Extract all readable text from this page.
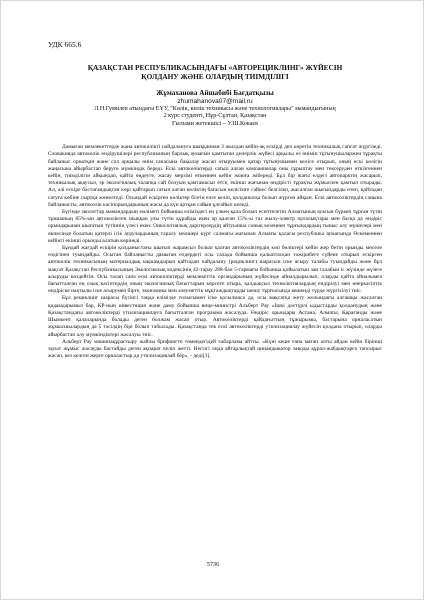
УДК 665.6
ҚАЗАҚСТАН РЕСПУБЛИКАСЫНДАҒЫ «АВТОРЕЦИКЛИНГ» ЖҮЙЕСІН
ҚОЛДАНУ ЖӘНЕ ОЛАРДЫҢ ТИІМДІЛІГІ
Жұмаханова Айшабибі Бағдатқызы
zhumahanova07@mail.ru
Л.Н.Гумилев атындағы ЕҰУ, "Көлік, көлік техникасы және технологиялары" мамандығының
2 курс студенті, Нұр-Сұлтан, Қазақстан
Ғылыми жетекшісі – У.Ш.Кокаев

Дамыған мемлекеттерде жана автокөлікті пайдалануға шыққаннан 3 жылдан кейін-ақ ескірді деп көретін техникалық сапсат жүргізеді. Словакияда автокөлік өндірушілері республиканың барлық аумағын қамтыған дилерлік жүйесі арқылы өз өнімін тұтынушыларжен тұрақты байланыс орнатқан және сол арқылы өнім сапасына бақылау жасап отыруымен қатар тұтынушымен келісе отырып, оның ескі көлігін жаңасына айырбастап беруге мүмкіндік береді. Ескі автокөліктерді сатып алған компаниялар оны сұрыптау мен тексеруден өткізгеннен кейін, тиімділігін айқындап, қайта өңдеуге, жасау мерзімі өткеннен кейін жоюға жібереді. Бұл бір жағы елдегі автопарктің жасарып, техникалық ақаусыз, эр экологиялық талапқа сай болуын қамтамасыз етсе, екінші жағынан өндірісті тұрақты жұмыспен қамтып отырады. Ал, әлі ескіре бастағандықтан көрі қайтарып сатып алған көліктің бағасын келісімге сәйкес белгілеп, жасалған шығындарды өтеп, қайтадан сатуға көбіне сыртқа жөнелтеді. Осындай ескірген көліктер бізгін елге келіп, қолданысқа болып жүрген айқын. Ескі автокөліктердің санына байланысты, автокөлік кәсіпорындарының жасы да күн артқан сайын ұлғайып келеді.

Бүгінде экологтар мамандардың мәліметі бойынша еліміздегі ең үлкен қала болып есептелетін Алматының ауасын бүркеп тұрған түтін тұмшаның 85%-ын автокөліктен шыққан улы түтін құрайды екен әр қалған 15%-ы газ жылу-электр орталықтары мен басқа да өндіріс орындарынан шығатын түтіннің үлесі екен. Онкологиялық дәрігерлердің айтуынша сонық кезеңнен тұрғындардың тыныс алу мүшелері мен өкпесінде болатын қатерлі ісік аурулардының таралу мөлшері күрт салмағы жағынан Алматы қаласы республика аумағында Өскеменнен кейінгі екінші орынды алатын көрінеді.

Бұндай жағдай ескірін қолданыстағы шығып жарамсыз болып қалған автокөліктердің көп бөліктері кейін жер бетін орынды мөселе өздігінен туындайды. Осытан байланысты дамыған елдердегі осы салада бойынша қалыптасқан тәжірибеге сүйене отырып ескірген автокөлік техникасының материалдық ықшамдырып қайтадан пайдалану (рециклинг) шарасын іске асыру талабы туындайды және бұл мақсат Қазақстан Республикасының Экологиялық кодексінің 42-тарау 288-бап 5-тармағы бойынша қойылатын зан талабын іс жүзінде жүзеге асыруды көздейтін. Осы талап сапа ескі автокөліктерді мемлекеттік органдарының жүйесінде айналдырылып, оларды қайта айналымға бағытталған ең озық кәсіптердің оның экологиялық бағыттарын көрсете отыра, қалдықсыз технологиялардың ендірілуі мен өнеркәсіптік өндіріске нақтылы іске асырумен бірге, экономика мен әлеуметтік мұқтаждықтарды шешу тұрғысында кешенді түрде жүргізілуі тиіс.

Бұл рециклинг шарасы бүгінгі таңда елімізде толығымен іске қосылмаса да, осы мақсатқа жету жолындағы алғашқы жасалған қадамдарымыз бар, КР-ның инвестиция және даму бойынша вице-министрі Альберт Рау «Ішкі дәстүрлі ыдыстарды қолданудың және Қазақстандағы автокөліктерді утилизациялауға бағытталған программа жасалуда. Өндіріс орындары Астана, Алматы, Қарағанды және Шымкент қалаларында болады деген болжам жасап отыр. Автокөліктерді қайдағыттың тұжырымы, бастарына орналасатын жұмысшылардың да 5 тәсілдің бірі болып табылады. Қазақстанда тек ескі автокөліктерді утилизациялау жүйесін қолдана отырып, оларды айырбастап алу мүмкіндіктері жасалуы тиіс.

Альберт Рау машинақұрастыру жайлы брифингте төмендегідей хабарлама айтты. «Күні кеше ғана маған алты айдан кейін бірінші зауыт жұмыс жасауды бастайды деген ақпарат келіп жетті. Негізгі онда айтарлықтай цинандыкатор заводы құрал-жабдықтарға тапсырыс жасап, кез келген жерге орналастыр да утилизациялай бер», - деді[3].

5736
